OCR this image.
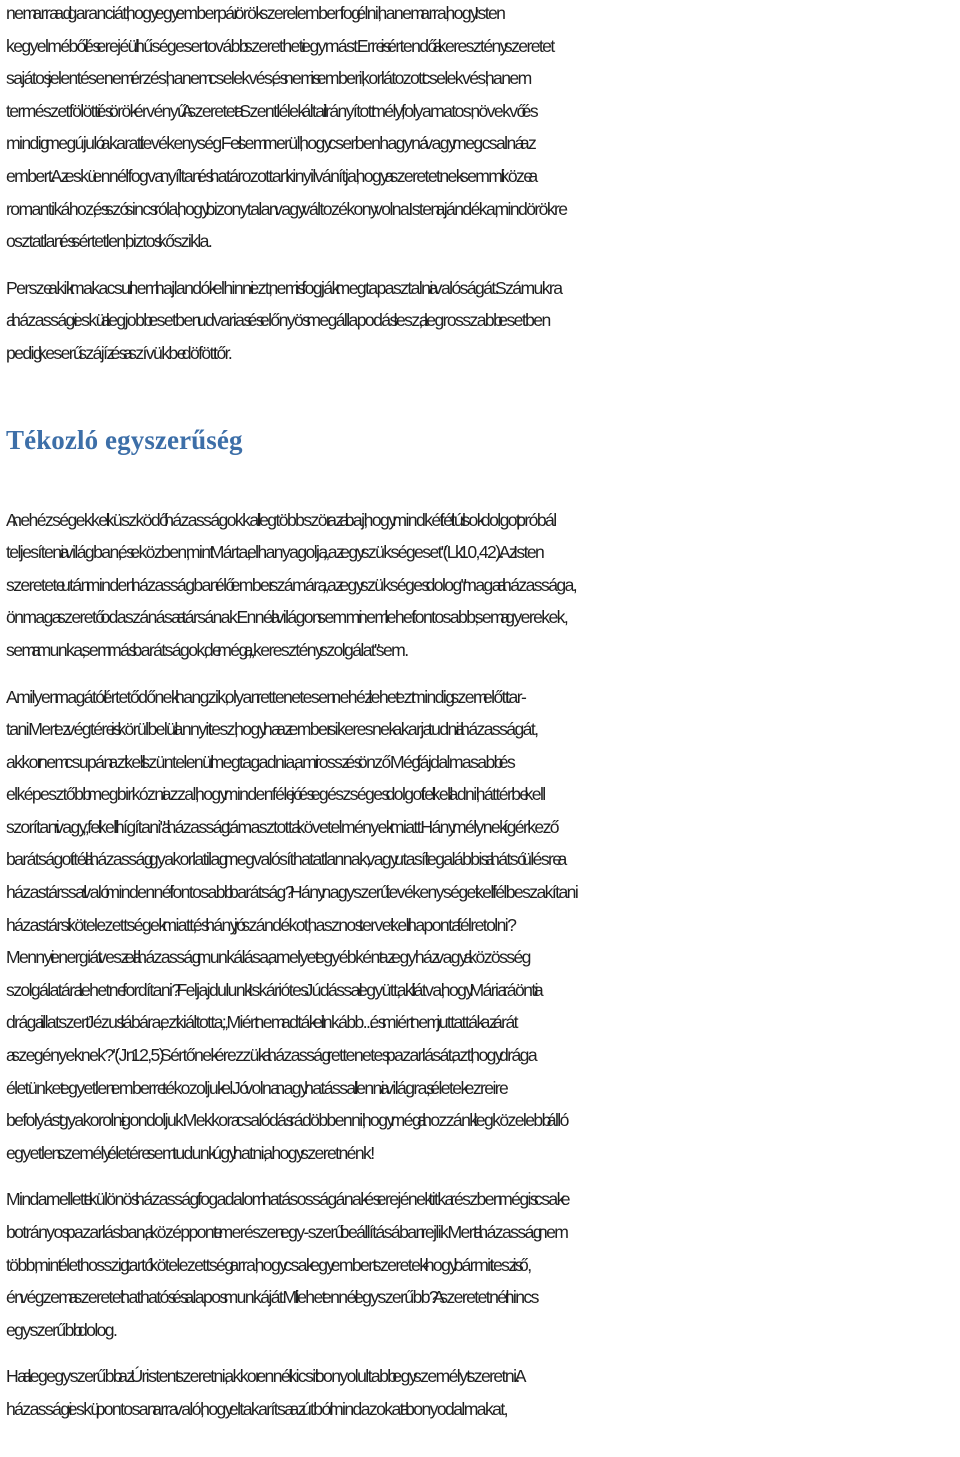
nem arra ad garanciát, hogy egy emberpár örök szerelemben fog élni, hanem arra, hogy Isten
kegyelméből és erejéül hűségesen tovább szeretheti egymást. Erre is értendő a keresztény szeretet
sajátos jelentése: nem érzés, hanem cselekvés, és nem is emberi, korlátozott cselekvés, hanem
természetfölötti és örök érvényű A szeretet a Szentlélek által irányított mély, folyamatos, növekvő és
mindig megújuló akarati tevékenység. Fel sem merül, hogy cserbenhagyná vagy megcsalná az
embert. Az eskü ennélfogva nyíltan és határozottan kinyilvánítja, hogy a szeretetnek semmi köze a
romantikához, és szó sincs róla, hogy bizonytalan vagy változékony volna. Isten ajándéka, mindörökre
osztatlan és sértetlen, biztos kőszikla.

Persze akik makacsul nem hajlandók elhinni ezt, nem is fogják megtapasztalni a valóságát. Számukra
a házassági eskü a legjobb esetben udvarias és előnyös megállapodás lesz, a legrosszabb esetben
pedig keserű szájíz és a szívükbe döfött tőr.

Tékozló egyszerűség

A nehézségekkel küszködő házasságokkal legtöbbször az a baj, hogy mindkét fél túl sok dolgot próbál
teljesíteni a világban, és eközben, mint Márta, elhanyagolja „az egy szükségeset" (Lk 10,42). Az Isten
szeretete után minden házasságban élő ember számára „az egy szükséges dolog" maga a házassága,
önmaga szerető odaszánása a társának. Ennél a világon semmi nem lehet fontosabb, sem a gyerekek,
sem a munka, sem más barátságok, de még a „keresztény szolgálat" sem.

Amilyen magától értetődőnek hangzik, olyan rettenetesen nehéz lehet ezt mindig szem előtt tar-
tani. Mert ez végtére is körülbelül annyit tesz, hogy ha az ember sikeresnek akarja tudni a házasságát,
akkor nem csupán azt kell szüntelenül megtagadnia, ami rossz és önző. Még fájdalmasabb és
elképesztőbb megbirkózni azzal, hogy mindenféle jó és egészséges dolgot fel kell adni, háttérbe kell
szorítani vagy „fel kell hígítani" a házasság támasztotta követelmények miatt. Hány mélynek ígérkező
barátságot ítél a házasság gyakorlatilag megvalósíthatatlannak, vagy utasít legalábbis a hátsó ülésre a
házastárssal való mindennél fontosabb barátság? Hány nagyszerű tevékenységet kell félbeszakítani
házastársi kötelezettségek miatt, és hány jó szándékot, hasznos tervet kell naponta félretolni?
Mennyi energiát vesz el a házasság munkálása, amelyet egyébként az egyház vagy a közösség
szolgálatára lehetne fordítani? Feljajdulunk Iskáriótes Júdással együtt, aki látva, hogy Mária ráönti a
drága illatszert Jézus lábára, ezt kiáltotta: „Miért nem adták el inkább... és miért nem juttatták az árát
a szegényeknek?" (Jn 12,5) Sértőnek érezzük a házasság rettenetes pazarlását, azt, hogy drága
életünket egyetlen emberre tékozoljuk el. Jó volna nagy hatással lenni a világra, s életek ezreire
befolyást gyakorolni - gondoljuk. Mekkora csalódás rádöbbenni, hogy még a hozzánk legközelebb álló
egyetlen személy életére sem tudunk úgy hatni, ahogy szeretnénk!

Mindamellett e különös házassági fogadalom hatásosságának és erejének titka részben mégis csak e
botrányos pazarlásban, a középpont e merészen egy-szerű beállításában rejlik. Mert a házasság nem
több, mint élethosszig tartó kötelezettség arra, hogy csak egy embert szeretek - hogy bármit tesz is ő,
én végzem a szeretet hathatós és alapos munkáját. Mi lehet ennél egyszerűbb? A szeretetnél nincs
egyszerűbb dolog.

Ha a legegyszerűbb az Úristent szeretni, akkor ennél kicsit bonyolultabb egy személyt szeretni. A
házassági eskü pontosan arra való, hogy eltakarítsa az útból mindazokat a bonyodalmakat,
